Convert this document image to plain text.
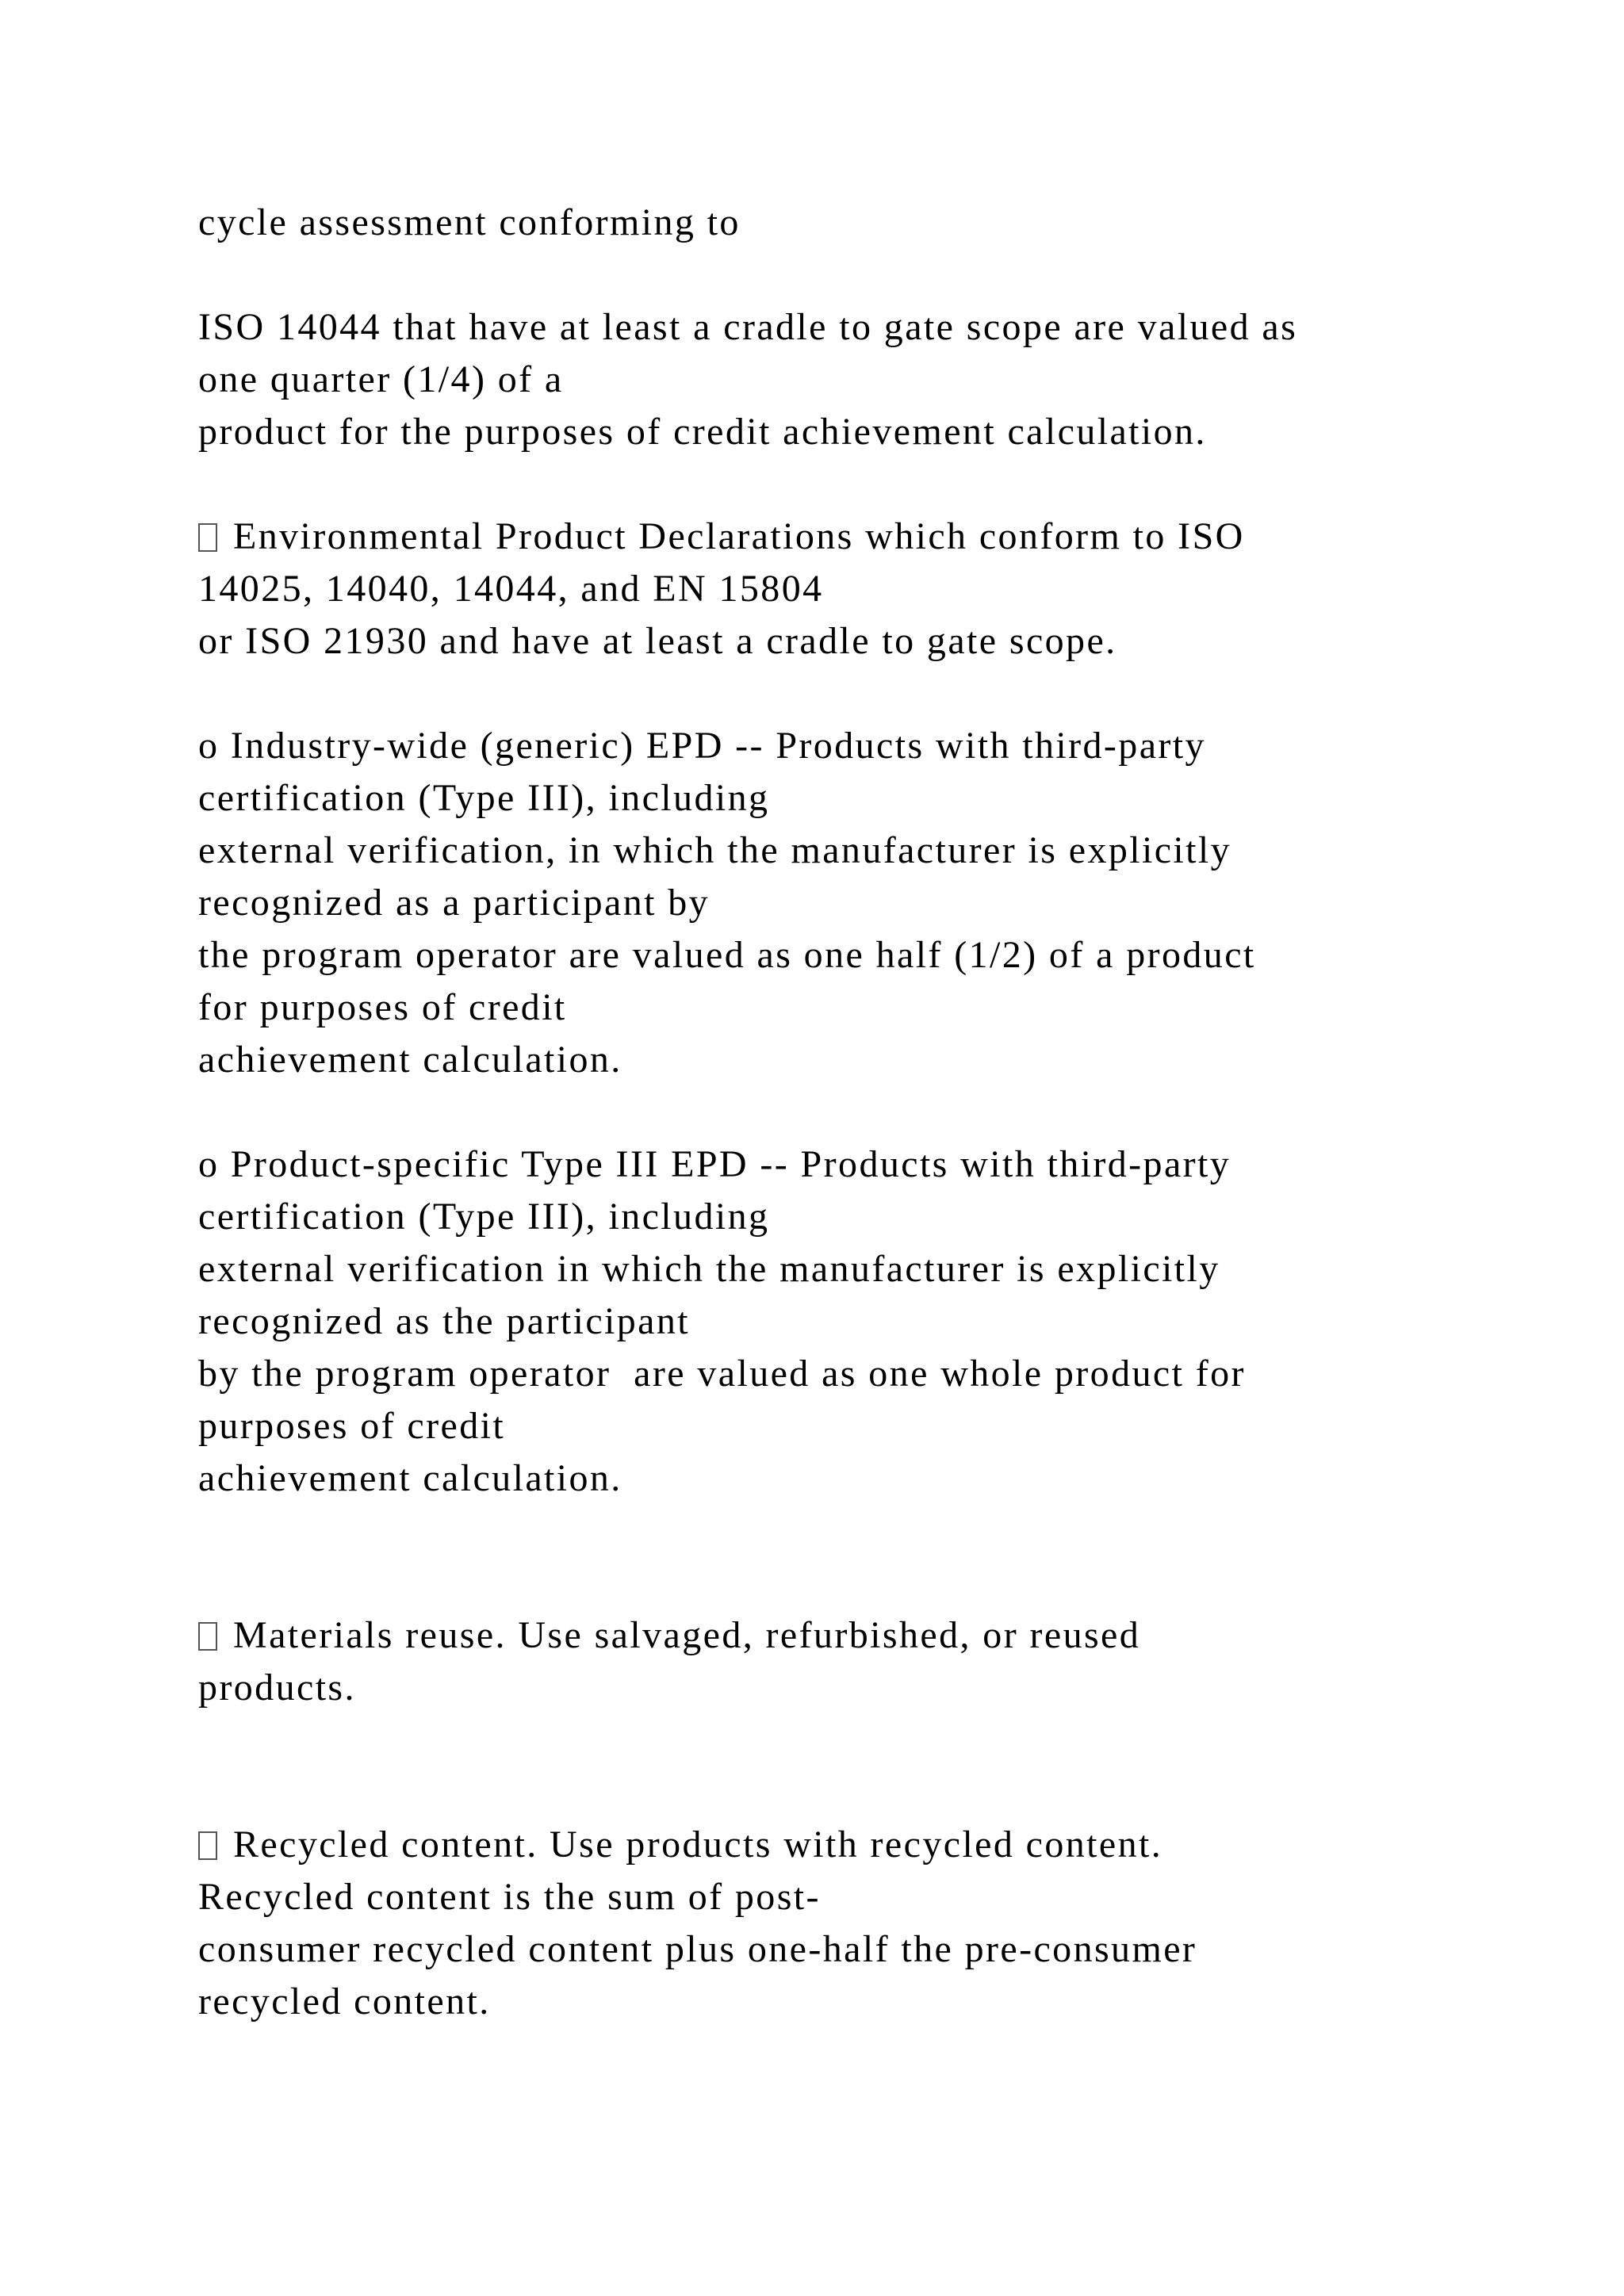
cycle assessment conforming to
ISO 14044 that have at least a cradle to gate scope are valued as
one quarter (1/4) of a
product for the purposes of credit achievement calculation.
Environmental Product Declarations which conform to ISO
14025, 14040, 14044, and EN 15804
or ISO 21930 and have at least a cradle to gate scope.
o Industry-wide (generic) EPD -- Products with third-party
certification (Type III), including
external verification, in which the manufacturer is explicitly
recognized as a participant by
the program operator are valued as one half (1/2) of a product
for purposes of credit
achievement calculation.
o Product-specific Type III EPD -- Products with third-party
certification (Type III), including
external verification in which the manufacturer is explicitly
recognized as the participant
by the program operator  are valued as one whole product for
purposes of credit
achievement calculation.
Materials reuse. Use salvaged, refurbished, or reused
products.
Recycled content. Use products with recycled content.
Recycled content is the sum of post-
consumer recycled content plus one-half the pre-consumer
recycled content.
